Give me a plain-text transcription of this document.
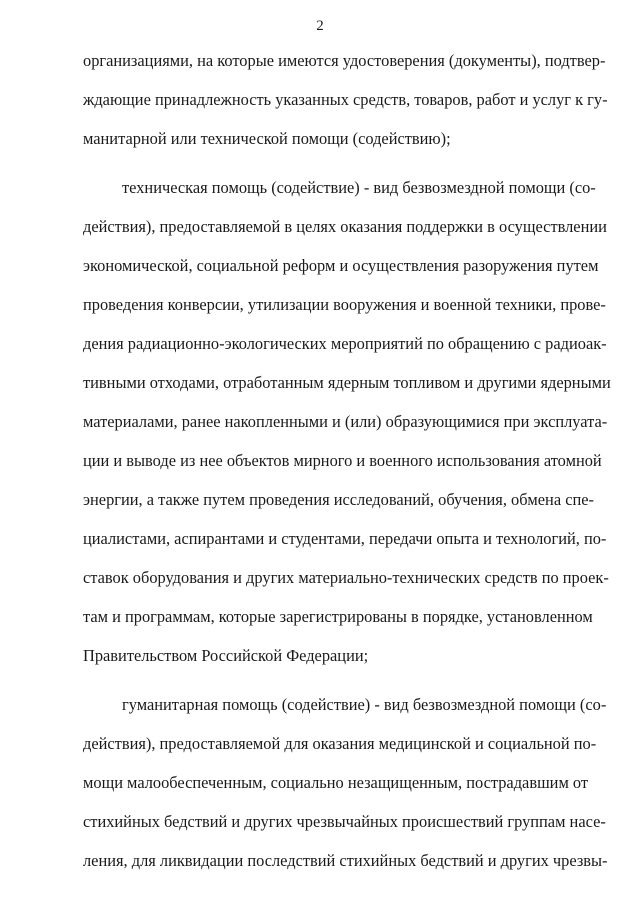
2
организациями, на которые имеются удостоверения (документы), подтвер-
ждающие принадлежность указанных средств, товаров, работ и услуг к гу-
манитарной или технической помощи (содействию);
техническая помощь (содействие) - вид безвозмездной помощи (со-
действия), предоставляемой в целях оказания поддержки в осуществлении
экономической, социальной реформ и осуществления разоружения путем
проведения конверсии, утилизации вооружения и военной техники, прове-
дения радиационно-экологических мероприятий по обращению с радиоак-
тивными отходами, отработанным ядерным топливом и другими ядерными
материалами, ранее накопленными и (или) образующимися при эксплуата-
ции и выводе из нее объектов мирного и военного использования атомной
энергии, а также путем проведения исследований, обучения, обмена спе-
циалистами, аспирантами и студентами, передачи опыта и технологий, по-
ставок оборудования и других материально-технических средств по проек-
там и программам, которые зарегистрированы в порядке, установленном
Правительством Российской Федерации;
гуманитарная помощь (содействие) - вид безвозмездной помощи (со-
действия), предоставляемой для оказания медицинской и социальной по-
мощи малообеспеченным, социально незащищенным, пострадавшим от
стихийных бедствий и других чрезвычайных происшествий группам насе-
ления, для ликвидации последствий стихийных бедствий и других чрезвы-
